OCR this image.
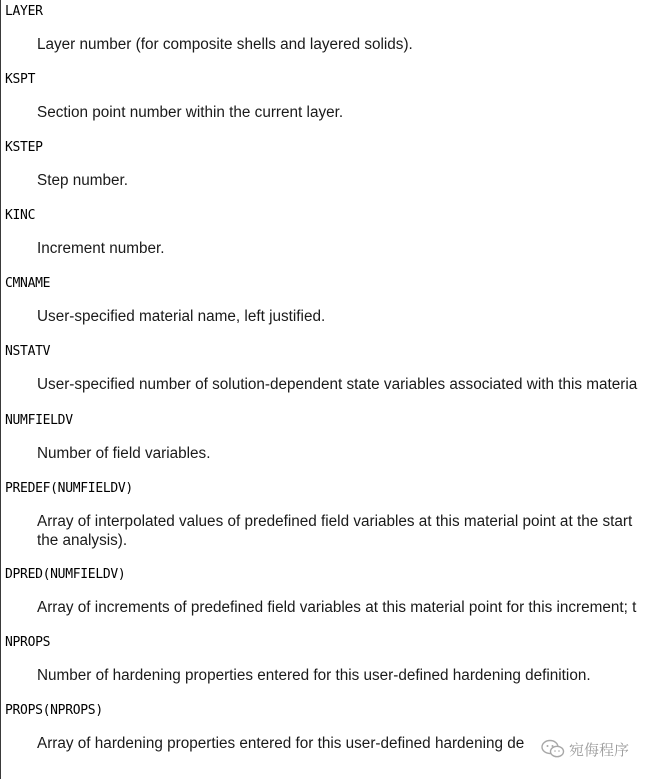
LAYER
Layer number (for composite shells and layered solids).
KSPT
Section point number within the current layer.
KSTEP
Step number.
KINC
Increment number.
CMNAME
User-specified material name, left justified.
NSTATV
User-specified number of solution-dependent state variables associated with this materia
NUMFIELDV
Number of field variables.
PREDEF(NUMFIELDV)
Array of interpolated values of predefined field variables at this material point at the start
the analysis).
DPRED(NUMFIELDV)
Array of increments of predefined field variables at this material point for this increment; t
NPROPS
Number of hardening properties entered for this user-defined hardening definition.
PROPS(NPROPS)
Array of hardening properties entered for this user-defined hardening de	宛侮程序
